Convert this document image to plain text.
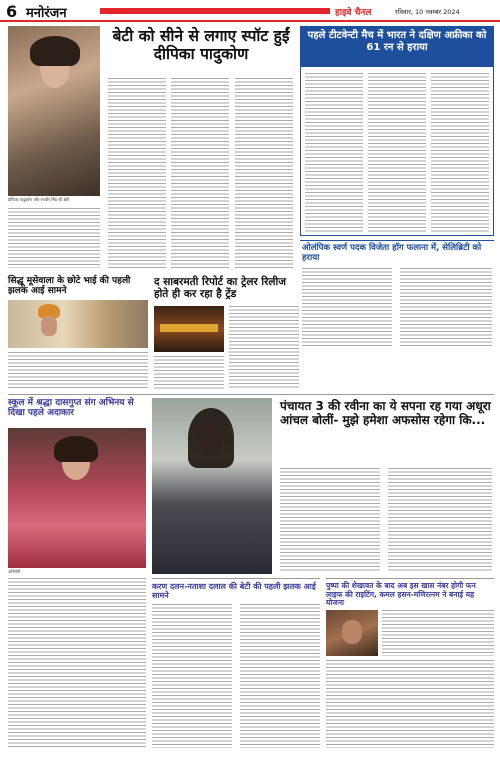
6 मनोरंजन	हाइवे चैनल	रविवार, 10 नवम्बर 2024
दीपिका पादुकोण और रणवीर सिंह की बेटी
बेटी को सीने से लगाए स्पॉट हुईं दीपिका पादुकोण
पहले टीटवेन्टी मैच में भारत ने दक्षिण अफ्रीका को 61 रन से हराया
ओलंपिक स्वर्ण पदक विजेता हॉग फलाना में, सेलिब्रिटी को हराया
सिद्धू मूसेवाला के छोटे भाई की पहली झलक आई सामने
द साबरमती रिपोर्ट का ट्रेलर रिलीज होते ही कर रहा है ट्रेंड
स्कूल में श्रद्धा दासगुप्त संग अभिनय से दिखा पहले अदाकार
अभिनेत्री
पंचायत 3 की रवीना का ये सपना रह गया अधूरा आंचल बोलीं- मुझे हमेशा अफसोस रहेगा कि...
करण दलन-नताशा दलाल की बेटी की पहली झलक आई सामने
पुष्पा की शेखावत के बाद अब इस खास नंबर होगी फन लाइफ की राइटिंग, कमल हसन-मणिरत्नम ने बनाई यह योजना
